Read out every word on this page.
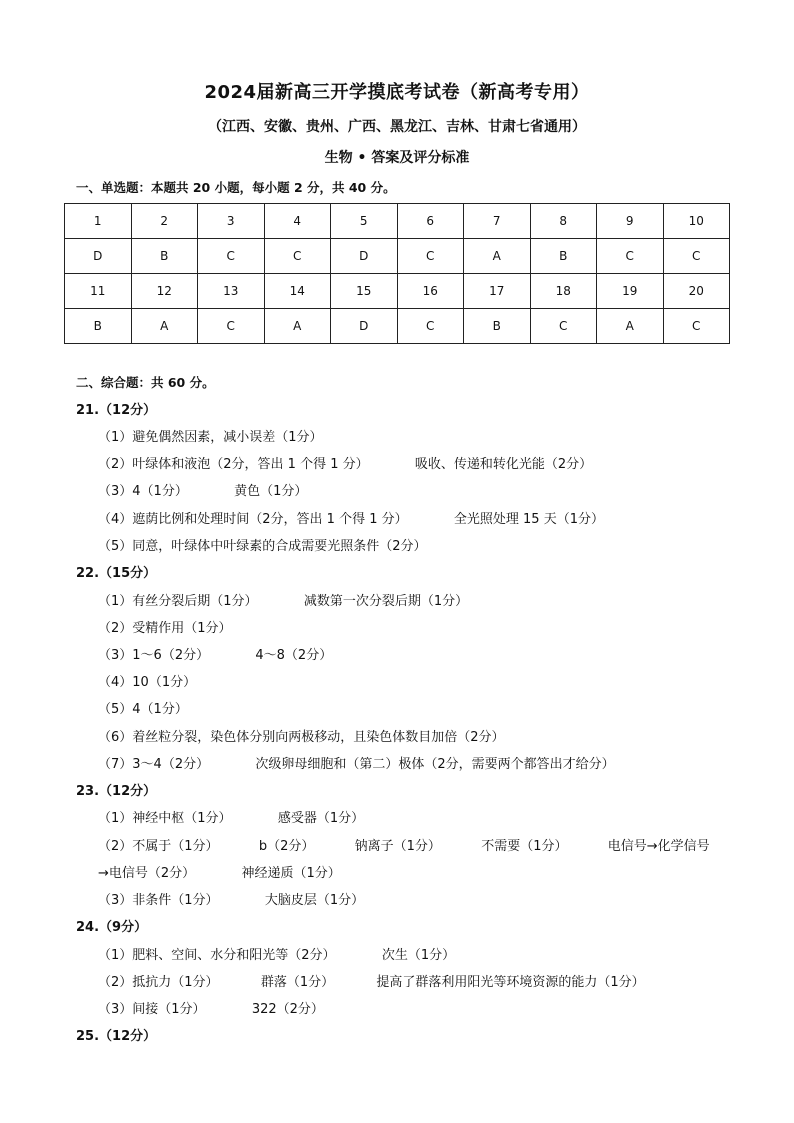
2024届新高三开学摸底考试卷（新高考专用）
（江西、安徽、贵州、广西、黑龙江、吉林、甘肃七省通用）
生物 • 答案及评分标准
一、单选题：本题共 20 小题，每小题 2 分，共 40 分。
1	2	3	4	5	6	7	8	9	10
D	B	C	C	D	C	A	B	C	C
11	12	13	14	15	16	17	18	19	20
B	A	C	A	D	C	B	C	A	C
二、综合题：共 60 分。
21.（12分）
（1）避免偶然因素，减小误差（1分）
（2）叶绿体和液泡（2分，答出 1 个得 1 分）	吸收、传递和转化光能（2分）
（3）4（1分）	黄色（1分）
（4）遮荫比例和处理时间（2分，答出 1 个得 1 分）	全光照处理 15 天（1分）
（5）同意，叶绿体中叶绿素的合成需要光照条件（2分）
22.（15分）
（1）有丝分裂后期（1分）	减数第一次分裂后期（1分）
（2）受精作用（1分）
（3）1～6（2分）	4～8（2分）
（4）10（1分）
（5）4（1分）
（6）着丝粒分裂，染色体分别向两极移动，且染色体数目加倍（2分）
（7）3～4（2分）	次级卵母细胞和（第二）极体（2分，需要两个都答出才给分）
23.（12分）
（1）神经中枢（1分）	感受器（1分）
（2）不属于（1分）	b（2分）	钠离子（1分）	不需要（1分）	电信号→化学信号
→电信号（2分）	神经递质（1分）
（3）非条件（1分）	大脑皮层（1分）
24.（9分）
（1）肥料、空间、水分和阳光等（2分）	次生（1分）
（2）抵抗力（1分）	群落（1分）	提高了群落利用阳光等环境资源的能力（1分）
（3）间接（1分）	322（2分）
25.（12分）
